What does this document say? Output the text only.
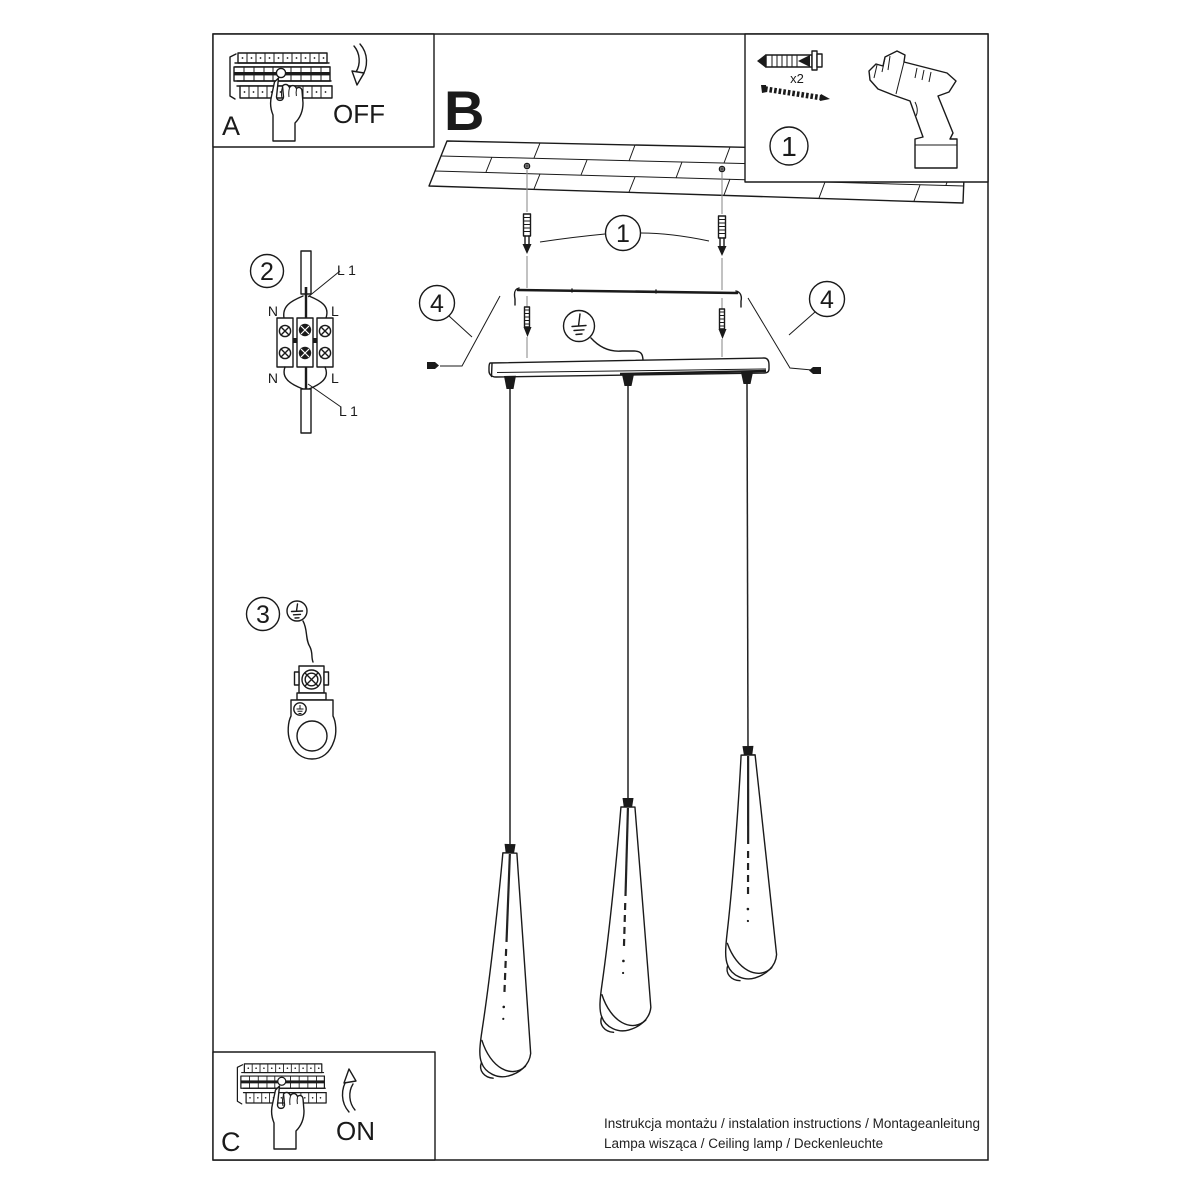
A	OFF
x2
1
B
1
4	4
2
N	L
N	L
L 1
L 1
3
C	ON	Instrukcja montażu / instalation instructions / Montageanleitung
Lampa wisząca / Ceiling lamp / Deckenleuchte
